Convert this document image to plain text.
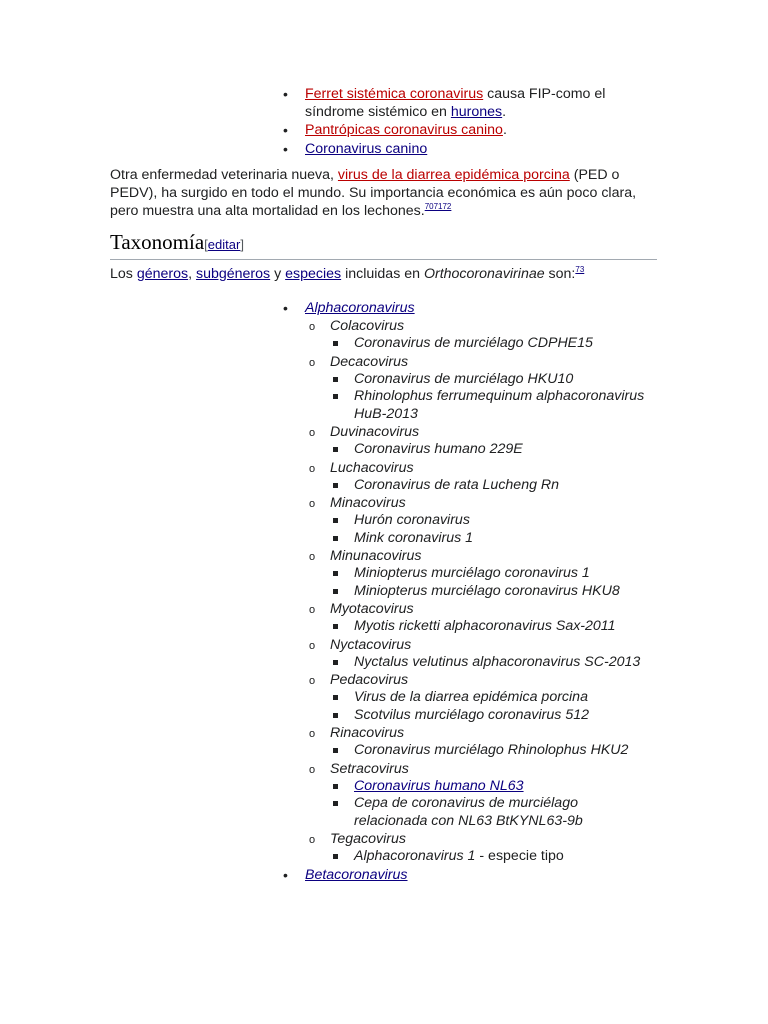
• Ferret sistémica coronavirus causa FIP-como el síndrome sistémico en hurones.
• Pantrópicas coronavirus canino.
• Coronavirus canino
Otra enfermedad veterinaria nueva, virus de la diarrea epidémica porcina (PED o PEDV), ha surgido en todo el mundo. Su importancia económica es aún poco clara, pero muestra una alta mortalidad en los lechones.$^{707172}$
Taxonomía[editar]
Los géneros, subgéneros y especies incluidas en Orthocoronavirinae son:$^{73}$
• Alphacoronavirus
o Colacovirus
Coronavirus de murciélago CDPHE15
o Decacovirus
Coronavirus de murciélago HKU10
Rhinolophus ferrumequinum alphacoronavirus HuB-2013
o Duvinacovirus
Coronavirus humano 229E
o Luchacovirus
Coronavirus de rata Lucheng Rn
o Minacovirus
Hurón coronavirus
Mink coronavirus 1
o Minunacovirus
Miniopterus murciélago coronavirus 1
Miniopterus murciélago coronavirus HKU8
o Myotacovirus
Myotis ricketti alphacoronavirus Sax-2011
o Nyctacovirus
Nyctalus velutinus alphacoronavirus SC-2013
o Pedacovirus
Virus de la diarrea epidémica porcina
Scotvilus murciélago coronavirus 512
o Rinacovirus
Coronavirus murciélago Rhinolophus HKU2
o Setracovirus
Coronavirus humano NL63
Cepa de coronavirus de murciélago relacionada con NL63 BtKYNL63-9b
o Tegacovirus
Alphacoronavirus 1 - especie tipo
• Betacoronavirus
